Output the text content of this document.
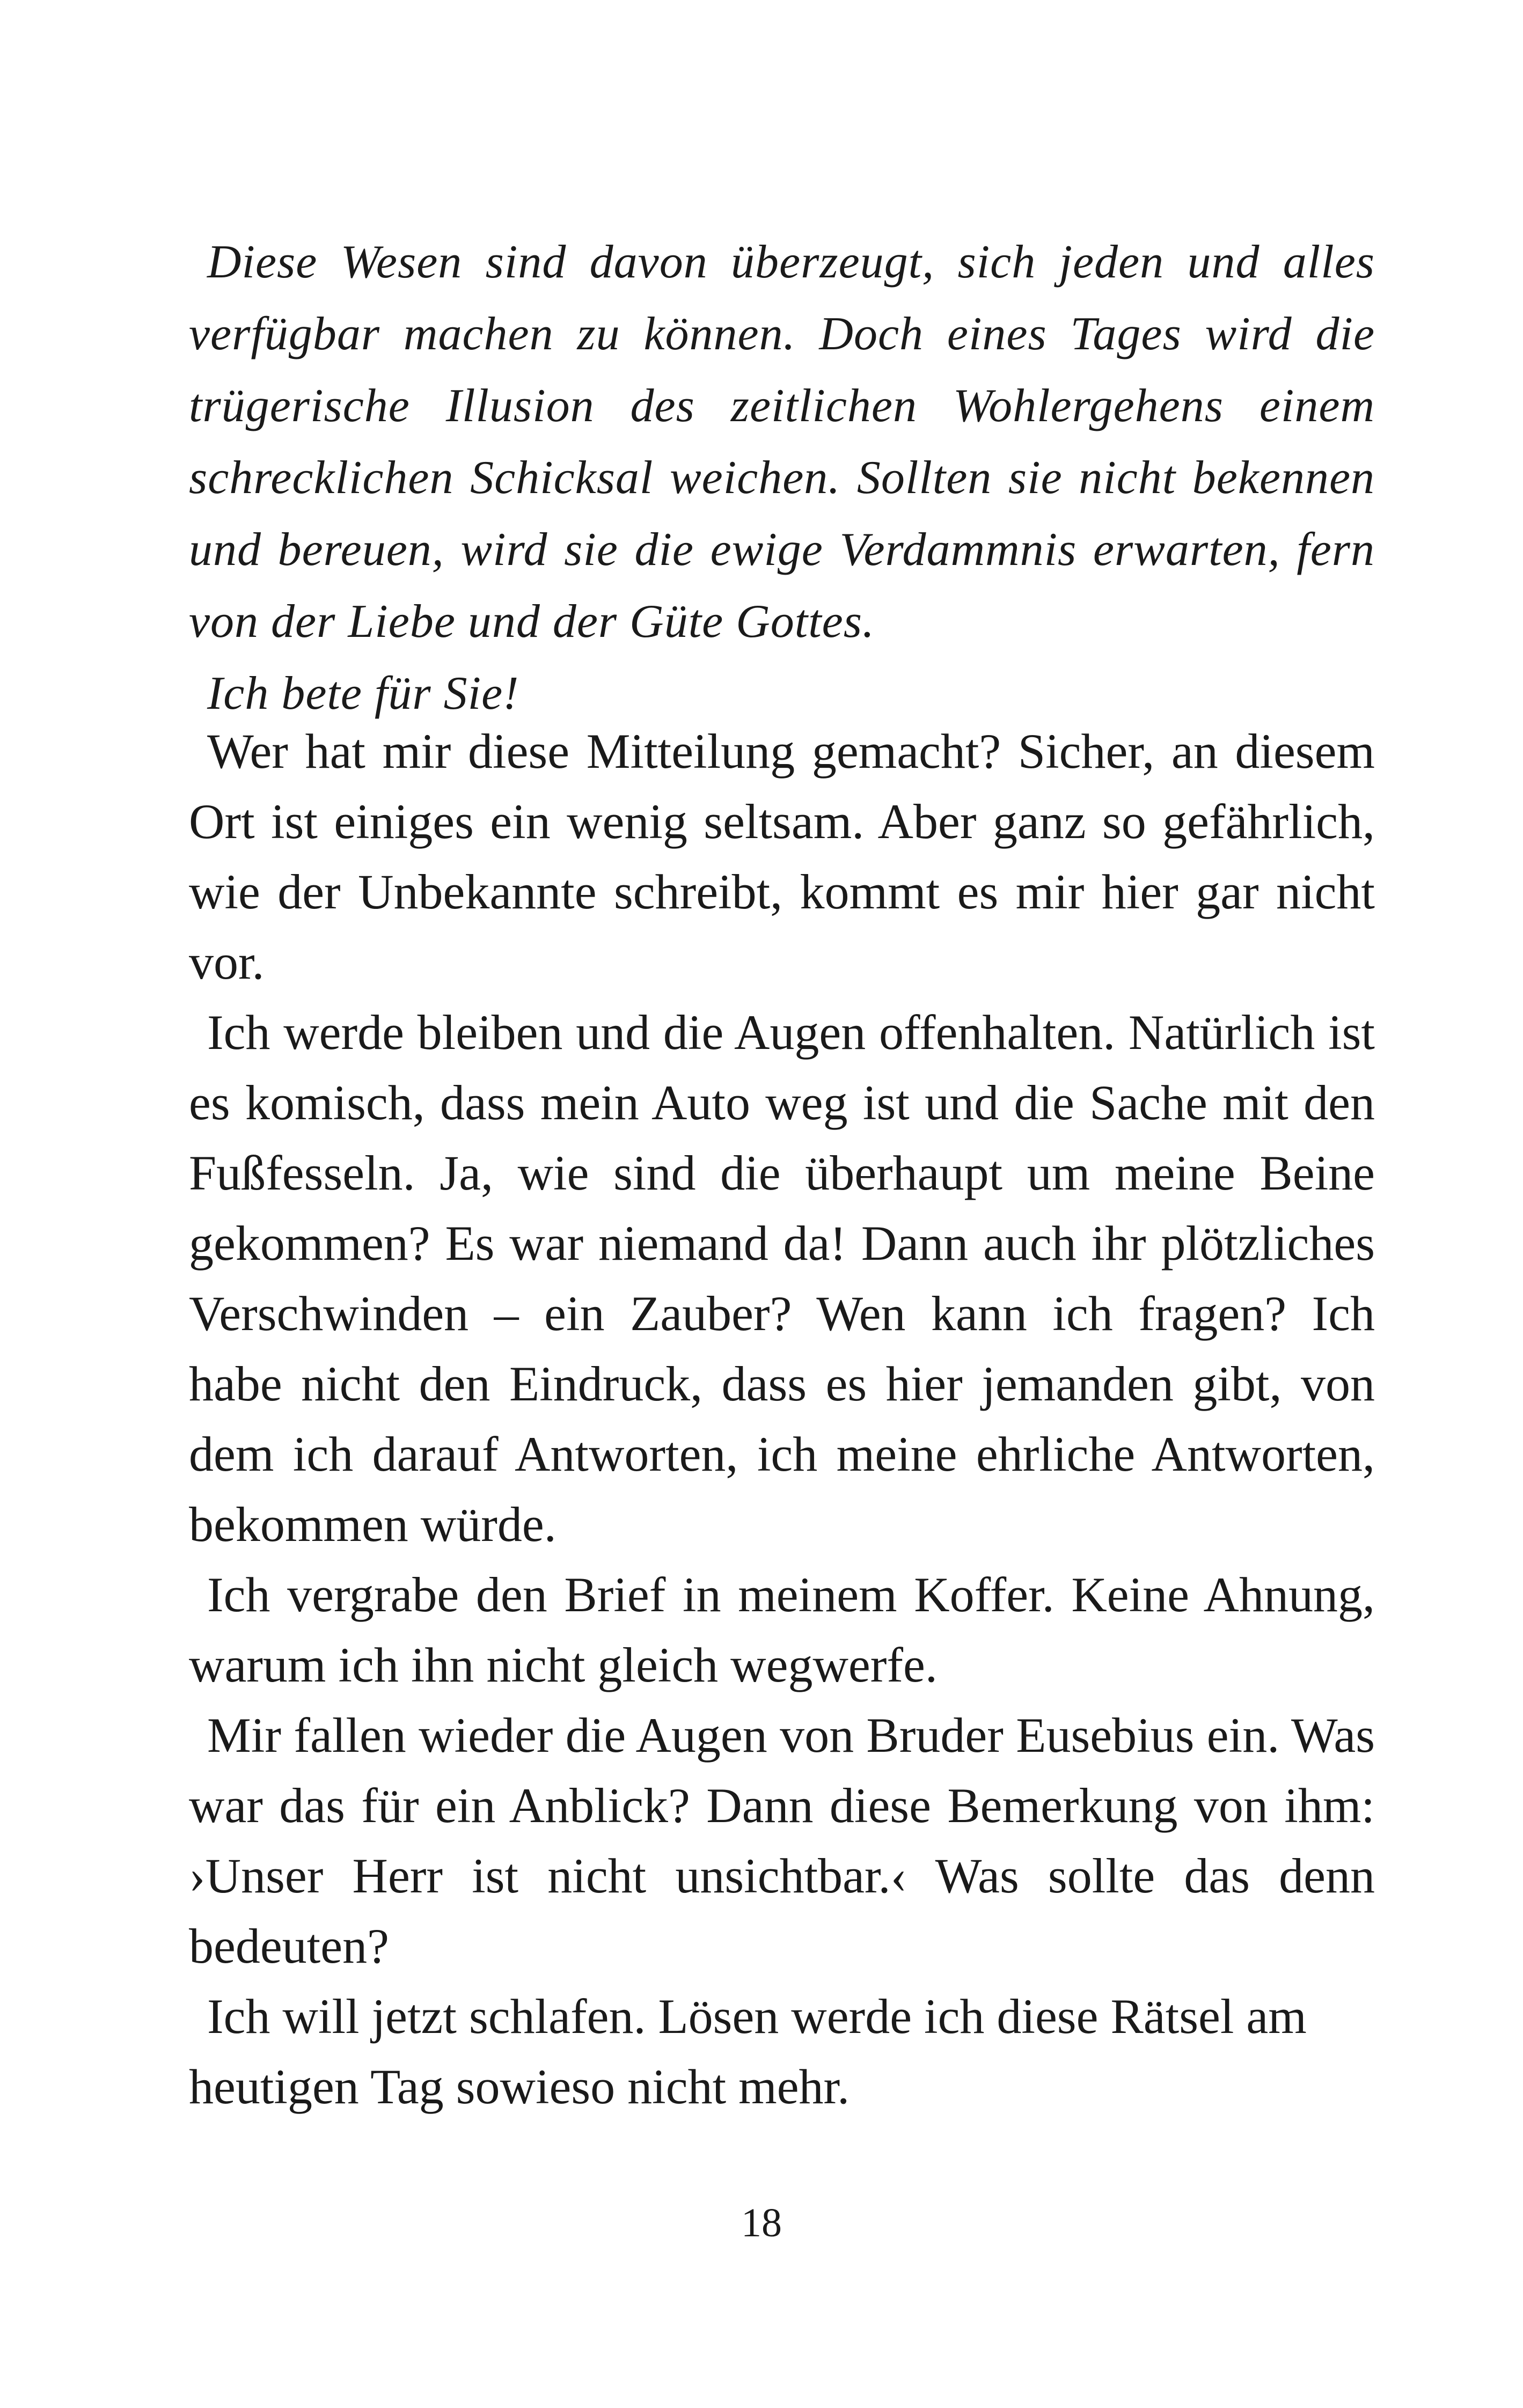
Diese Wesen sind davon überzeugt, sich jeden und alles verfügbar machen zu können. Doch eines Tages wird die trügerische Illusion des zeitlichen Wohlergehens einem schrecklichen Schicksal weichen. Sollten sie nicht bekennen und bereuen, wird sie die ewige Verdammnis erwarten, fern von der Liebe und der Güte Gottes.

Ich bete für Sie!

Wer hat mir diese Mitteilung gemacht? Sicher, an diesem Ort ist einiges ein wenig seltsam. Aber ganz so gefährlich, wie der Unbekannte schreibt, kommt es mir hier gar nicht vor.

Ich werde bleiben und die Augen offenhalten. Natürlich ist es komisch, dass mein Auto weg ist und die Sache mit den Fußfesseln. Ja, wie sind die überhaupt um meine Beine gekommen? Es war niemand da! Dann auch ihr plötzliches Verschwinden – ein Zauber? Wen kann ich fragen? Ich habe nicht den Eindruck, dass es hier jemanden gibt, von dem ich darauf Antworten, ich meine ehrliche Antworten, bekommen würde.

Ich vergrabe den Brief in meinem Koffer. Keine Ahnung, warum ich ihn nicht gleich wegwerfe.

Mir fallen wieder die Augen von Bruder Eusebius ein. Was war das für ein Anblick? Dann diese Bemerkung von ihm: ›Unser Herr ist nicht unsichtbar.‹ Was sollte das denn bedeuten?

Ich will jetzt schlafen. Lösen werde ich diese Rätsel am heutigen Tag sowieso nicht mehr.

18
